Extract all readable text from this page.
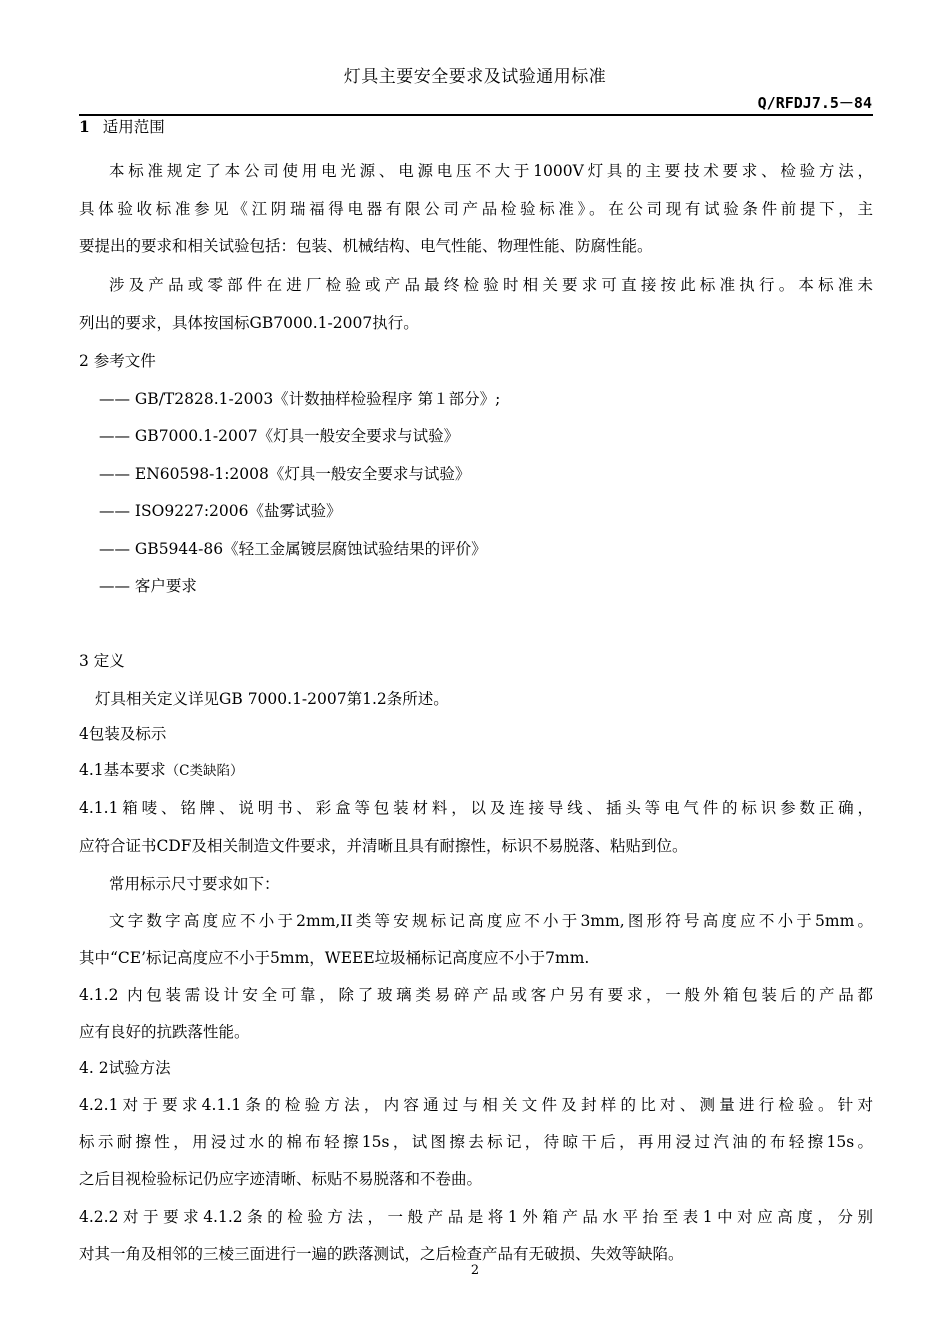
灯具主要安全要求及试验通用标准
Q/RFDJ7.5－84
1 适用范围
本标准规定了本公司使用电光源、电源电压不大于1000V灯具的主要技术要求、检验方法，
具体验收标准参见《江阴瑞福得电器有限公司产品检验标准》。在公司现有试验条件前提下，主
要提出的要求和相关试验包括：包装、机械结构、电气性能、物理性能、防腐性能。
涉及产品或零部件在进厂检验或产品最终检验时相关要求可直接按此标准执行。本标准未
列出的要求，具体按国标GB7000.1-2007执行。
2 参考文件
—— GB/T2828.1-2003《计数抽样检验程序 第１部分》;
—— GB7000.1-2007《灯具一般安全要求与试验》
—— EN60598-1:2008《灯具一般安全要求与试验》
—— ISO9227:2006《盐雾试验》
—— GB5944-86《轻工金属镀层腐蚀试验结果的评价》
—— 客户要求
3 定义
灯具相关定义详见GB 7000.1-2007第1.2条所述。
4包装及标示
4.1基本要求（C类缺陷）
4.1.1箱唛、铭牌、说明书、彩盒等包装材料，以及连接导线、插头等电气件的标识参数正确，
应符合证书CDF及相关制造文件要求，并清晰且具有耐擦性，标识不易脱落、粘贴到位。
常用标示尺寸要求如下：
文字数字高度应不小于2mm,II类等安规标记高度应不小于3mm,图形符号高度应不小于5mm。
其中“CE’标记高度应不小于5mm，WEEE垃圾桶标记高度应不小于7mm.
4.1.2 内包装需设计安全可靠，除了玻璃类易碎产品或客户另有要求，一般外箱包装后的产品都
应有良好的抗跌落性能。
4. 2试验方法
4.2.1对于要求4.1.1条的检验方法，内容通过与相关文件及封样的比对、测量进行检验。针对
标示耐擦性，用浸过水的棉布轻擦15s，试图擦去标记，待晾干后，再用浸过汽油的布轻擦15s。
之后目视检验标记仍应字迹清晰、标贴不易脱落和不卷曲。
4.2.2对于要求4.1.2条的检验方法，一般产品是将1外箱产品水平抬至表1中对应高度，分别
对其一角及相邻的三棱三面进行一遍的跌落测试，之后检查产品有无破损、失效等缺陷。
2
